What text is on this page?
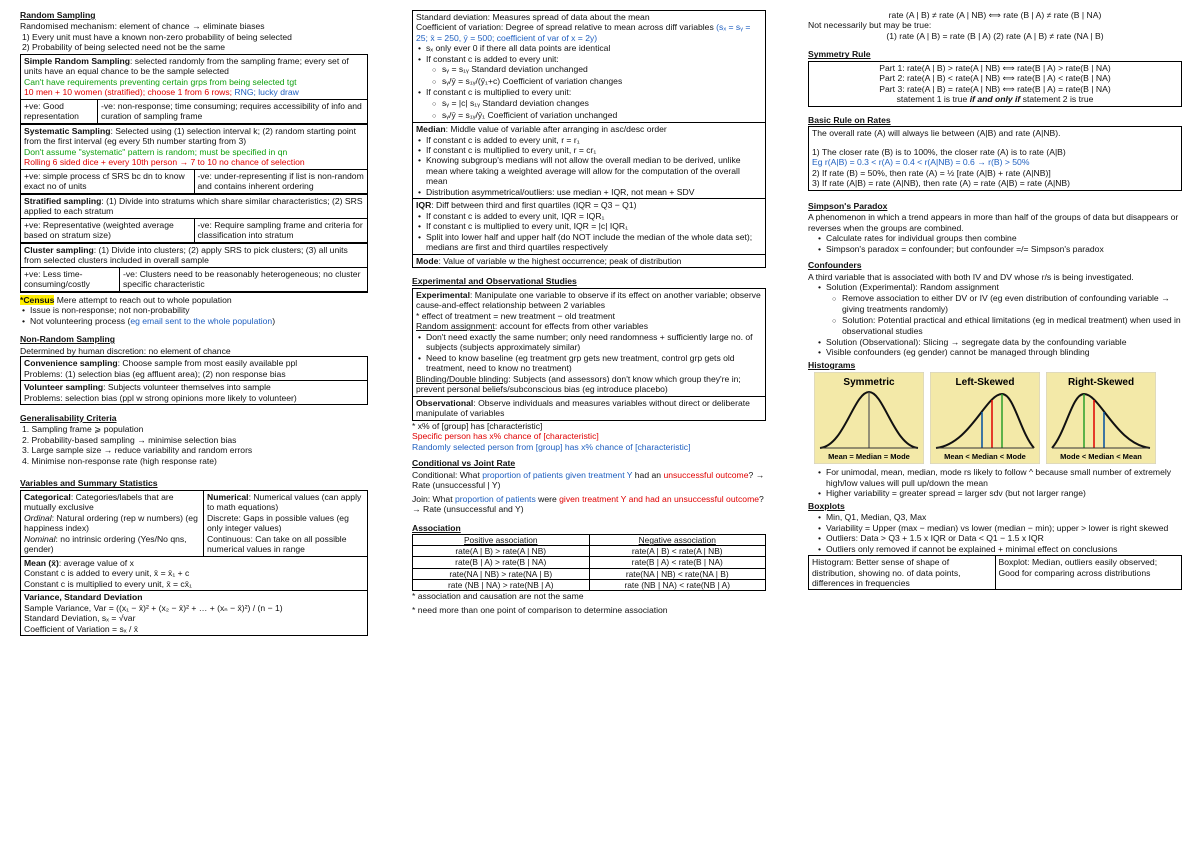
Random Sampling
Randomised mechanism: element of chance → eliminate biases
1) Every unit must have a known non-zero probability of being selected
2) Probability of being selected need not be the same
Simple Random Sampling: selected randomly from the sampling frame; every set of units have an equal chance to be the sample selected
Can't have requirements preventing certain grps from being selected tgt
10 men + 10 women (stratified); choose 1 from 6 rows; RNG; lucky draw
+ve: Good representation
-ve: non-response; time consuming; requires accessibility of info and curation of sampling frame
Systematic Sampling: Selected using (1) selection interval k; (2) random starting point from the first interval (eg every 5th number starting from 3)
Don't assume "systematic" pattern is random; must be specified in qn
Rolling 6 sided dice + every 10th person → 7 to 10 no chance of selection
+ve: simple process cf SRS bc dn to know exact no of units
-ve: under-representing if list is non-random and contains inherent ordering
Stratified sampling: (1) Divide into stratums which share similar characteristics; (2) SRS applied to each stratum
+ve: Representative (weighted average based on stratum size)
-ve: Require sampling frame and criteria for classification into stratum
Cluster sampling: (1) Divide into clusters; (2) apply SRS to pick clusters; (3) all units from selected clusters included in overall sample
+ve: Less time-consuming/costly
-ve: Clusters need to be reasonably heterogeneous; no cluster specific characteristic
*Census Mere attempt to reach out to whole population
• Issue is non-response; not non-probability
• Not volunteering process (eg email sent to the whole population)
Non-Random Sampling
Determined by human discretion: no element of chance
Convenience sampling: Choose sample from most easily available ppl
Problems: (1) selection bias (eg affluent area); (2) non response bias
Volunteer sampling: Subjects volunteer themselves into sample
Problems: selection bias (ppl w strong opinions more likely to volunteer)
Generalisability Criteria
1. Sampling frame ⩾ population
2. Probability-based sampling → minimise selection bias
3. Large sample size → reduce variability and random errors
4. Minimise non-response rate (high response rate)
Variables and Summary Statistics
Categorical: Categories/labels that are mutually exclusive
Ordinal: Natural ordering (rep w numbers) (eg happiness index)
Nominal: no intrinsic ordering (Yes/No qns, gender)
Numerical: Numerical values (can apply to math equations)
Discrete: Gaps in possible values (eg only integer values)
Continuous: Can take on all possible numerical values in range
Mean (x̄): average value of x
Constant c is added to every unit, x̄ = x̄₁ + c
Constant c is multiplied to every unit, x̄ = cx̄₁
Variance, Standard Deviation
Sample Variance, Var = ((x₁ − x̄)² + (x₂ − x̄)² + … + (xₙ − x̄)²) / (n − 1)
Standard Deviation, sₓ = √var
Coefficient of Variation = sₓ / x̄
Standard deviation: Measures spread of data about the mean
Coefficient of variation: Degree of spread relative to mean across diff variables (sₓ = sᵧ = 25; x̄ = 250, ȳ = 500; coefficient of var of x = 2y)
• sₓ only ever 0 if there all data points are identical
• If constant c is added to every unit:
○ sᵧ = s₁ᵧ Standard deviation unchanged
○ sᵧ/ȳ = s₁ᵧ/(ȳ₁+c) Coefficient of variation changes
• If constant c is multiplied to every unit:
○ sᵧ = |c| s₁ᵧ Standard deviation changes
○ sᵧ/ȳ = s₁ᵧ/ȳ₁ Coefficient of variation unchanged
Median: Middle value of variable after arranging in asc/desc order
• If constant c is added to every unit, r = r₁
• If constant c is multiplied to every unit, r = cr₁
• Knowing subgroup's medians will not allow the overall median to be derived, unlike mean where taking a weighted average will allow for the computation of the overall mean
• Distribution asymmetrical/outliers: use median + IQR, not mean + SDV
IQR: Diff between third and first quartiles (IQR = Q3 − Q1)
• If constant c is added to every unit, IQR = IQR₁
• If constant c is multiplied to every unit, IQR = |c| IQR₁
• Split into lower half and upper half (do NOT include the median of the whole data set); medians are first and third quartiles respectively
Mode: Value of variable w the highest occurrence; peak of distribution
Experimental and Observational Studies
Experimental: Manipulate one variable to observe if its effect on another variable; observe cause-and-effect relationship between 2 variables
* effect of treatment = new treatment − old treatment
Random assignment: account for effects from other variables
• Don't need exactly the same number; only need randomness + sufficiently large no. of subjects (subjects approximately similar)
• Need to know baseline (eg treatment grp gets new treatment, control grp gets old treatment, need to know no treatment)
Blinding/Double blinding: Subjects (and assessors) don't know which group they're in; prevent personal beliefs/subconscious bias (eg introduce placebo)
Observational: Observe individuals and measures variables without direct or deliberate manipulate of variables
* x% of [group] has [characteristic]
Specific person has x% chance of [characteristic]
Randomly selected person from [group] has x% chance of [characteristic]
Conditional vs Joint Rate
Conditional: What proportion of patients given treatment Y had an unsuccessful outcome? → Rate (unsuccessful | Y)
Join: What proportion of patients were given treatment Y and had an unsuccessful outcome? → Rate (unsuccessful and Y)
Association
Positive association	Negative association
rate(A | B) > rate(A | NB)	rate(A | B) < rate(A | NB)
rate(B | A) > rate(B | NA)	rate(B | A) < rate(B | NA)
rate(NA | NB) > rate(NA | B)	rate(NA | NB) < rate(NA | B)
rate (NB | NA) > rate(NB | A)	rate (NB | NA) < rate(NB | A)
* association and causation are not the same
* need more than one point of comparison to determine association
rate (A | B) ≠ rate (A | NB) ⟺ rate (B | A) ≠ rate (B | NA)
Not necessarily but may be true:
(1) rate (A | B) = rate (B | A) (2) rate (A | B) ≠ rate (NA | B)
Symmetry Rule
Part 1: rate(A | B) > rate(A | NB) ⟺ rate(B | A) > rate(B | NA)
Part 2: rate(A | B) < rate(A | NB) ⟺ rate(B | A) < rate(B | NA)
Part 3: rate(A | B) = rate(A | NB) ⟺ rate(B | A) = rate(B | NA)
statement 1 is true if and only if statement 2 is true
Basic Rule on Rates
The overall rate (A) will always lie between (A|B) and rate (A|NB).
1) The closer rate (B) is to 100%, the closer rate (A) is to rate (A|B)
Eg r(A|B) = 0.3 < r(A) = 0.4 < r(A|NB) = 0.6 → r(B) > 50%
2) If rate (B) = 50%, then rate (A) = ½ [rate (A|B) + rate (A|NB)]
3) If rate (A|B) = rate (A|NB), then rate (A) = rate (A|B) = rate (A|NB)
Simpson's Paradox
A phenomenon in which a trend appears in more than half of the groups of data but disappears or reverses when the groups are combined.
• Calculate rates for individual groups then combine
• Simpson's paradox = confounder; but confounder =/= Simpson's paradox
Confounders
A third variable that is associated with both IV and DV whose r/s is being investigated.
• Solution (Experimental): Random assignment
○ Remove association to either DV or IV (eg even distribution of confounding variable → giving treatments randomly)
○ Solution: Potential practical and ethical limitations (eg in medical treatment) when used in observational studies
• Solution (Observational): Slicing → segregate data by the confounding variable
• Visible confounders (eg gender) cannot be managed through blinding
Histograms
Symmetric
Mean = Median = Mode
Left-Skewed
Mean < Median < Mode
Right-Skewed
Mode < Median < Mean
• For unimodal, mean, median, mode rs likely to follow ^ because small number of extremely high/low values will pull up/down the mean
• Higher variability = greater spread = larger sdv (but not larger range)
Boxplots
• Min, Q1, Median, Q3, Max
• Variability = Upper (max − median) vs lower (median − min); upper > lower is right skewed
• Outliers: Data > Q3 + 1.5 x IQR or Data < Q1 − 1.5 x IQR
• Outliers only removed if cannot be explained + minimal effect on conclusions
Histogram: Better sense of shape of distribution, showing no. of data points, differences in frequencies
Boxplot: Median, outliers easily observed; Good for comparing across distributions
